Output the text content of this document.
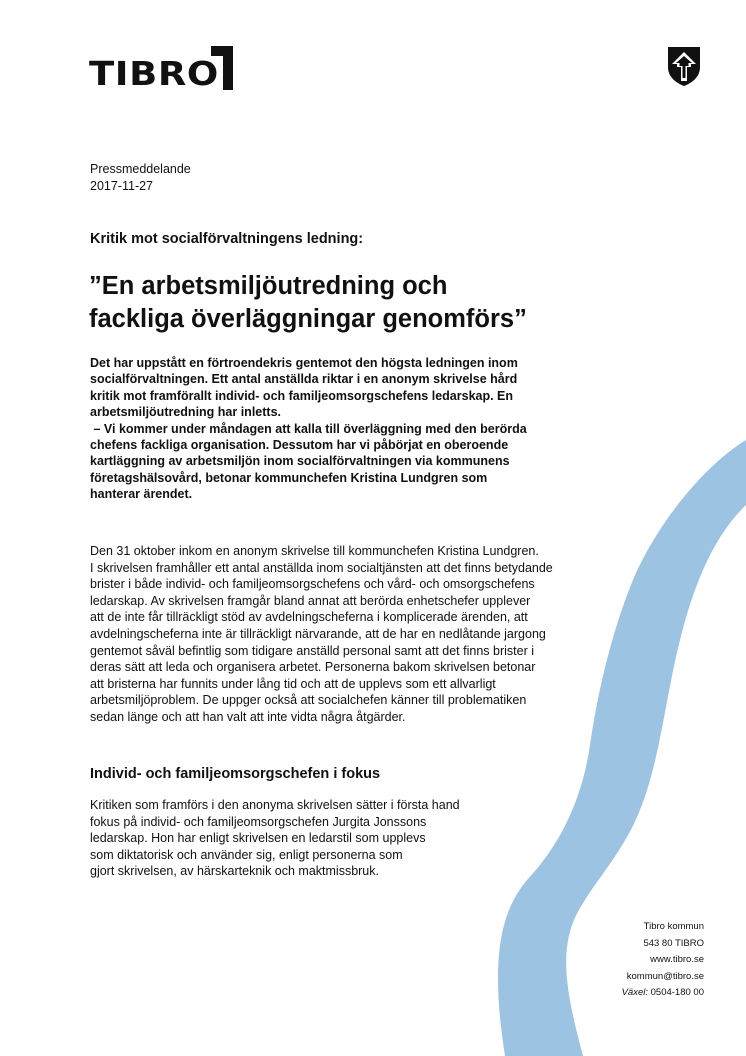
TIBRO
Pressmeddelande
2017-11-27
Kritik mot socialförvaltningens ledning:
”En arbetsmiljöutredning och
fackliga överläggningar genomförs”
Det har uppstått en förtroendekris gentemot den högsta ledningen inom
socialförvaltningen. Ett antal anställda riktar i en anonym skrivelse hård
kritik mot framförallt individ- och familjeomsorgschefens ledarskap. En
arbetsmiljöutredning har inletts.
– Vi kommer under måndagen att kalla till överläggning med den berörda
chefens fackliga organisation. Dessutom har vi påbörjat en oberoende
kartläggning av arbetsmiljön inom socialförvaltningen via kommunens
företagshälsovård, betonar kommunchefen Kristina Lundgren som
hanterar ärendet.
Den 31 oktober inkom en anonym skrivelse till kommunchefen Kristina Lundgren.
I skrivelsen framhåller ett antal anställda inom socialtjänsten att det finns betydande
brister i både individ- och familjeomsorgschefens och vård- och omsorgschefens
ledarskap. Av skrivelsen framgår bland annat att berörda enhetschefer upplever
att de inte får tillräckligt stöd av avdelningscheferna i komplicerade ärenden, att
avdelningscheferna inte är tillräckligt närvarande, att de har en nedlåtande jargong
gentemot såväl befintlig som tidigare anställd personal samt att det finns brister i
deras sätt att leda och organisera arbetet. Personerna bakom skrivelsen betonar
att bristerna har funnits under lång tid och att de upplevs som ett allvarligt
arbetsmiljöproblem. De uppger också att socialchefen känner till problematiken
sedan länge och att han valt att inte vidta några åtgärder.
Individ- och familjeomsorgschefen i fokus
Kritiken som framförs i den anonyma skrivelsen sätter i första hand
fokus på individ- och familjeomsorgschefen Jurgita Jonssons
ledarskap. Hon har enligt skrivelsen en ledarstil som upplevs
som diktatorisk och använder sig, enligt personerna som
gjort skrivelsen, av härskarteknik och maktmissbruk.
Tibro kommun
543 80 TIBRO
www.tibro.se
kommun@tibro.se
Växel: 0504-180 00
